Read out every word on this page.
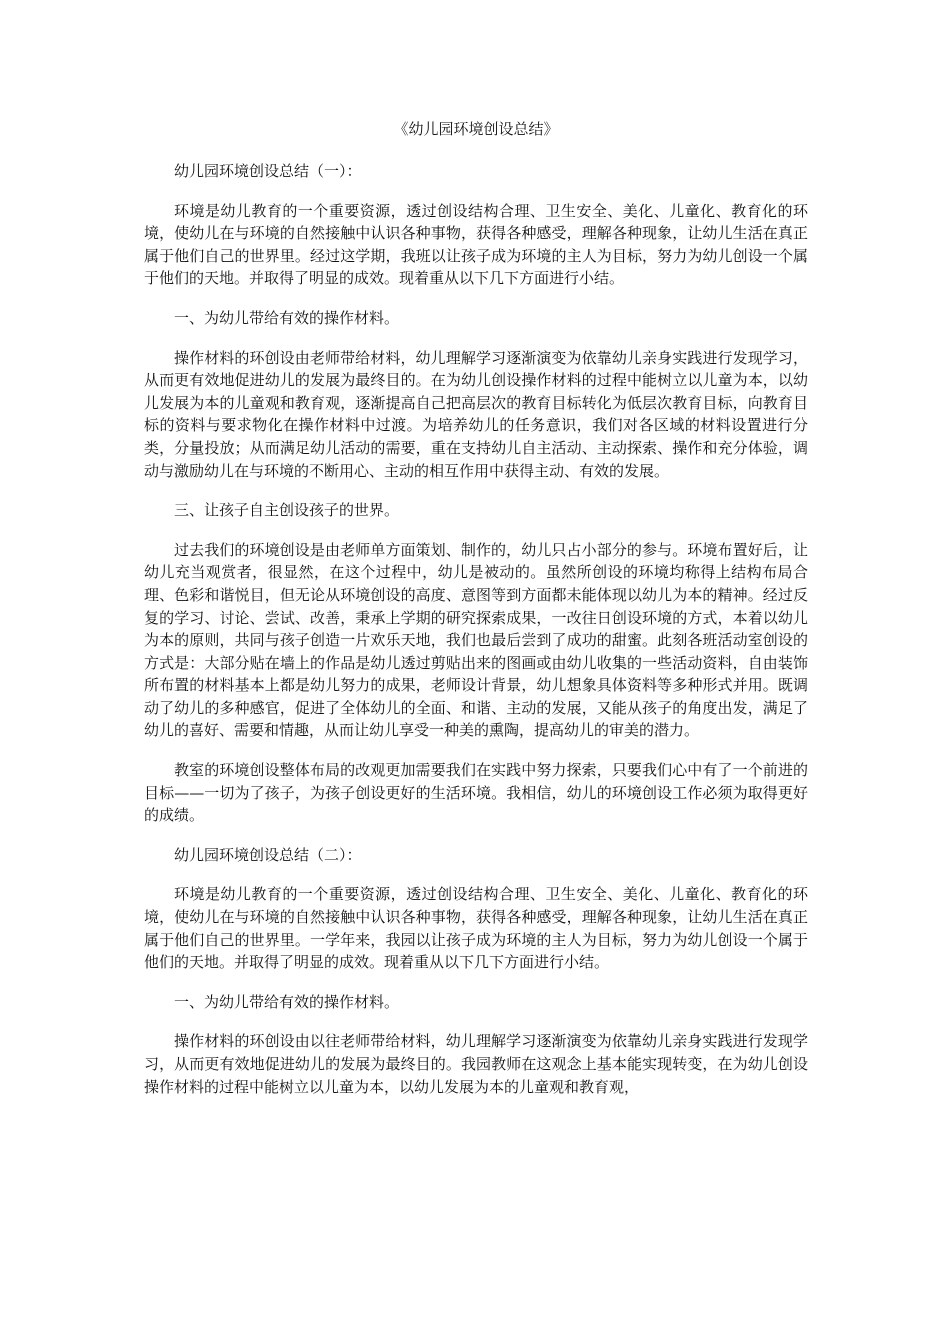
《幼儿园环境创设总结》
幼儿园环境创设总结（一）：
环境是幼儿教育的一个重要资源，透过创设结构合理、卫生安全、美化、儿童化、教育化的环境，使幼儿在与环境的自然接触中认识各种事物，获得各种感受，理解各种现象，让幼儿生活在真正属于他们自己的世界里。经过这学期，我班以让孩子成为环境的主人为目标，努力为幼儿创设一个属于他们的天地。并取得了明显的成效。现着重从以下几下方面进行小结。
一、为幼儿带给有效的操作材料。
操作材料的环创设由老师带给材料，幼儿理解学习逐渐演变为依靠幼儿亲身实践进行发现学习，从而更有效地促进幼儿的发展为最终目的。在为幼儿创设操作材料的过程中能树立以儿童为本，以幼儿发展为本的儿童观和教育观，逐渐提高自己把高层次的教育目标转化为低层次教育目标，向教育目标的资料与要求物化在操作材料中过渡。为培养幼儿的任务意识，我们对各区域的材料设置进行分类，分量投放；从而满足幼儿活动的需要，重在支持幼儿自主活动、主动探索、操作和充分体验，调动与激励幼儿在与环境的不断用心、主动的相互作用中获得主动、有效的发展。
三、让孩子自主创设孩子的世界。
过去我们的环境创设是由老师单方面策划、制作的，幼儿只占小部分的参与。环境布置好后，让幼儿充当观赏者，很显然，在这个过程中，幼儿是被动的。虽然所创设的环境均称得上结构布局合理、色彩和谐悦目，但无论从环境创设的高度、意图等到方面都未能体现以幼儿为本的精神。经过反复的学习、讨论、尝试、改善，秉承上学期的研究探索成果，一改往日创设环境的方式，本着以幼儿为本的原则，共同与孩子创造一片欢乐天地，我们也最后尝到了成功的甜蜜。此刻各班活动室创设的方式是：大部分贴在墙上的作品是幼儿透过剪贴出来的图画或由幼儿收集的一些活动资料，自由装饰所布置的材料基本上都是幼儿努力的成果，老师设计背景，幼儿想象具体资料等多种形式并用。既调动了幼儿的多种感官，促进了全体幼儿的全面、和谐、主动的发展，又能从孩子的角度出发，满足了幼儿的喜好、需要和情趣，从而让幼儿享受一种美的熏陶，提高幼儿的审美的潜力。
教室的环境创设整体布局的改观更加需要我们在实践中努力探索，只要我们心中有了一个前进的目标——一切为了孩子，为孩子创设更好的生活环境。我相信，幼儿的环境创设工作必须为取得更好的成绩。
幼儿园环境创设总结（二）：
环境是幼儿教育的一个重要资源，透过创设结构合理、卫生安全、美化、儿童化、教育化的环境，使幼儿在与环境的自然接触中认识各种事物，获得各种感受，理解各种现象，让幼儿生活在真正属于他们自己的世界里。一学年来，我园以让孩子成为环境的主人为目标，努力为幼儿创设一个属于他们的天地。并取得了明显的成效。现着重从以下几下方面进行小结。
一、为幼儿带给有效的操作材料。
操作材料的环创设由以往老师带给材料，幼儿理解学习逐渐演变为依靠幼儿亲身实践进行发现学习，从而更有效地促进幼儿的发展为最终目的。我园教师在这观念上基本能实现转变，在为幼儿创设操作材料的过程中能树立以儿童为本，以幼儿发展为本的儿童观和教育观，
